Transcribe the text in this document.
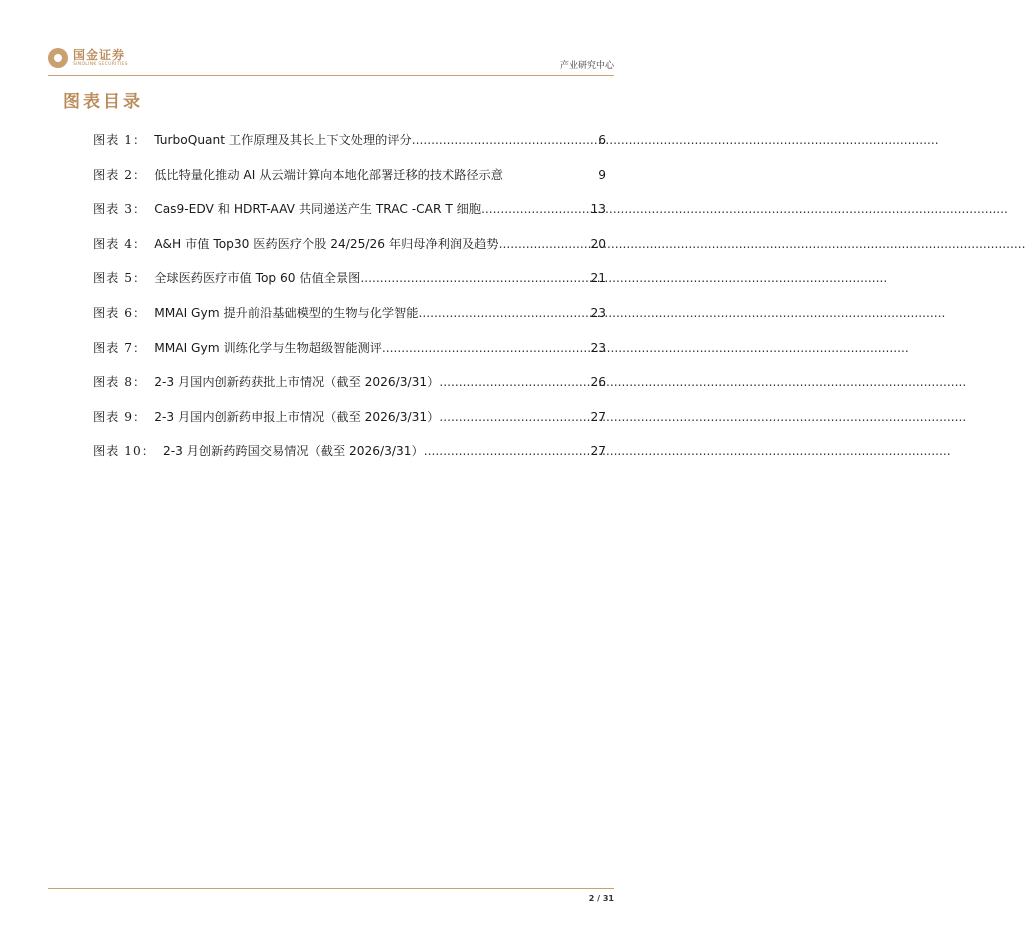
国金证券
SINOLINK SECURITIES	产业研究中心
图表目录
图表 1： TurboQuant 工作原理及其长上下文处理的评分 .....	6
图表 2： 低比特量化推动 AI 从云端计算向本地化部署迁移的技术路径示意	9
图表 3： Cas9-EDV 和 HDRT-AAV 共同递送产生 TRAC -CAR T 细胞 .....	13
图表 4： A&H 市值 Top30 医药医疗个股 24/25/26 年归母净利润及趋势 .....	20
图表 5： 全球医药医疗市值 Top 60 估值全景图 .....	21
图表 6： MMAI Gym 提升前沿基础模型的生物与化学智能 .....	23
图表 7： MMAI Gym 训练化学与生物超级智能测评 .....	23
图表 8： 2-3 月国内创新药获批上市情况（截至 2026/3/31） .....	26
图表 9： 2-3 月国内创新药申报上市情况（截至 2026/3/31） .....	27
图表 10： 2-3 月创新药跨国交易情况（截至 2026/3/31） .....	27
2 / 31
